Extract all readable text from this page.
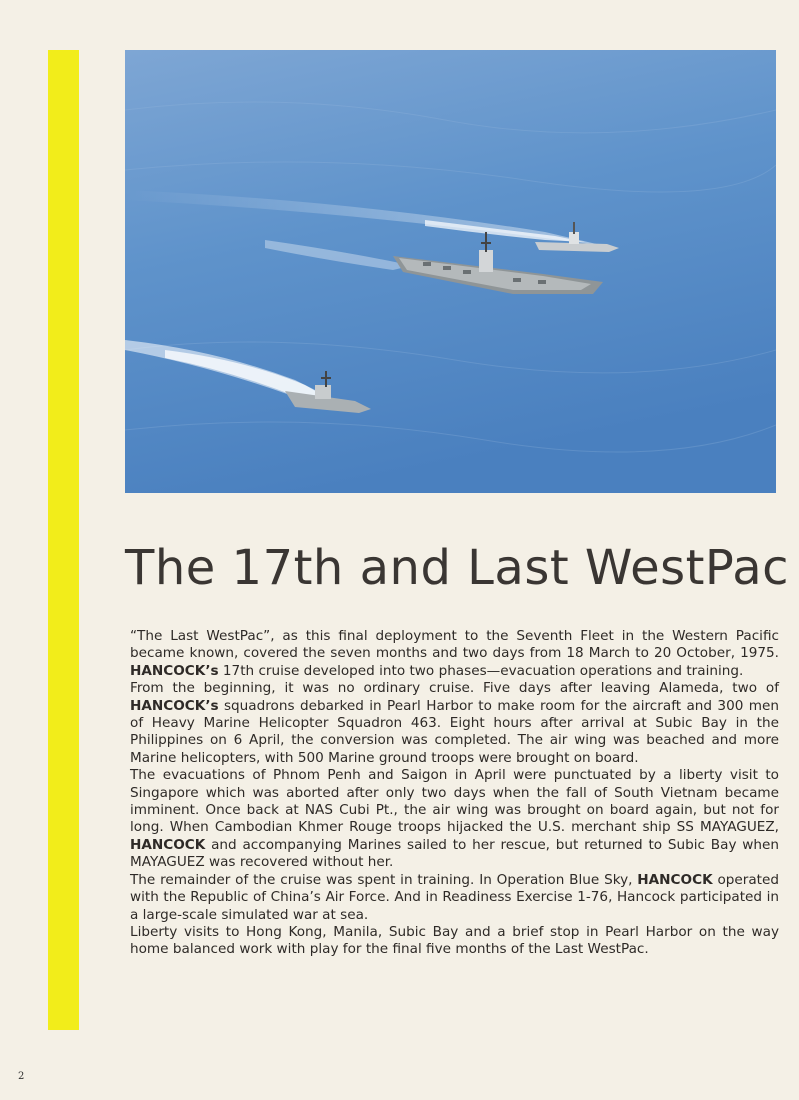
The 17th and Last WestPac

“The Last WestPac”, as this final deployment to the Seventh Fleet in the Western Pacific became known, covered the seven months and two days from 18 March to 20 October, 1975. HANCOCK’s 17th cruise developed into two phases—evacuation operations and training.

From the beginning, it was no ordinary cruise. Five days after leaving Alameda, two of HANCOCK’s squadrons debarked in Pearl Harbor to make room for the aircraft and 300 men of Heavy Marine Helicopter Squadron 463. Eight hours after arrival at Subic Bay in the Philippines on 6 April, the conversion was completed. The air wing was beached and more Marine helicopters, with 500 Marine ground troops were brought on board.

The evacuations of Phnom Penh and Saigon in April were punctuated by a liberty visit to Singapore which was aborted after only two days when the fall of South Vietnam became imminent. Once back at NAS Cubi Pt., the air wing was brought on board again, but not for long. When Cambodian Khmer Rouge troops hijacked the U.S. merchant ship SS MAYAGUEZ, HANCOCK and accompanying Marines sailed to her rescue, but returned to Subic Bay when MAYAGUEZ was recovered without her.

The remainder of the cruise was spent in training. In Operation Blue Sky, HANCOCK operated with the Republic of China’s Air Force. And in Readiness Exercise 1-76, Hancock participated in a large-scale simulated war at sea.

Liberty visits to Hong Kong, Manila, Subic Bay and a brief stop in Pearl Harbor on the way home balanced work with play for the final five months of the Last WestPac.

2
